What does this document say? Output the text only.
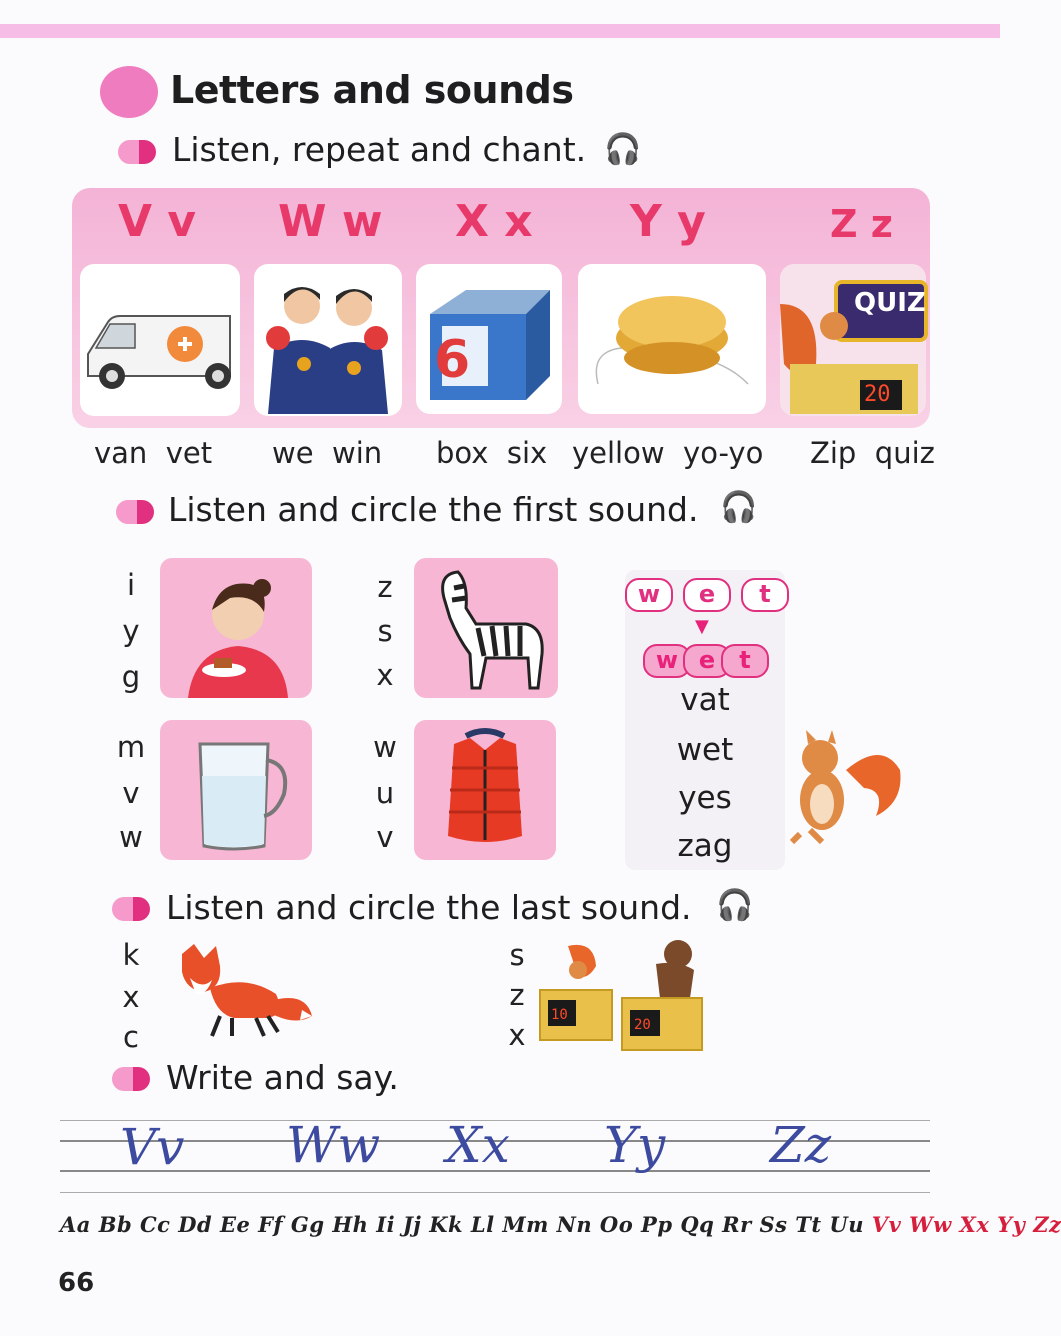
Letters and sounds
Listen, repeat and chant. 🎧
V v W w X x Y y	Z z
6
QUIZ
20
van vet we win box six yellow yo-yo Zip quiz
Listen and circle the first sound. 🎧
i
y
g
z
s
x
m
v
w
w
u
v
w	e	t
▼
w e	t
vat
wet
yes
zag
Listen and circle the last sound. 🎧
k
x
c
s
z
x
10
20
Write and say.
Vv Ww Xx Yy Zz
Aa Bb Cc Dd Ee Ff Gg Hh Ii Jj Kk Ll Mm Nn Oo Pp Qq Rr Ss Tt Uu Vv Ww Xx Yy Zz
66
